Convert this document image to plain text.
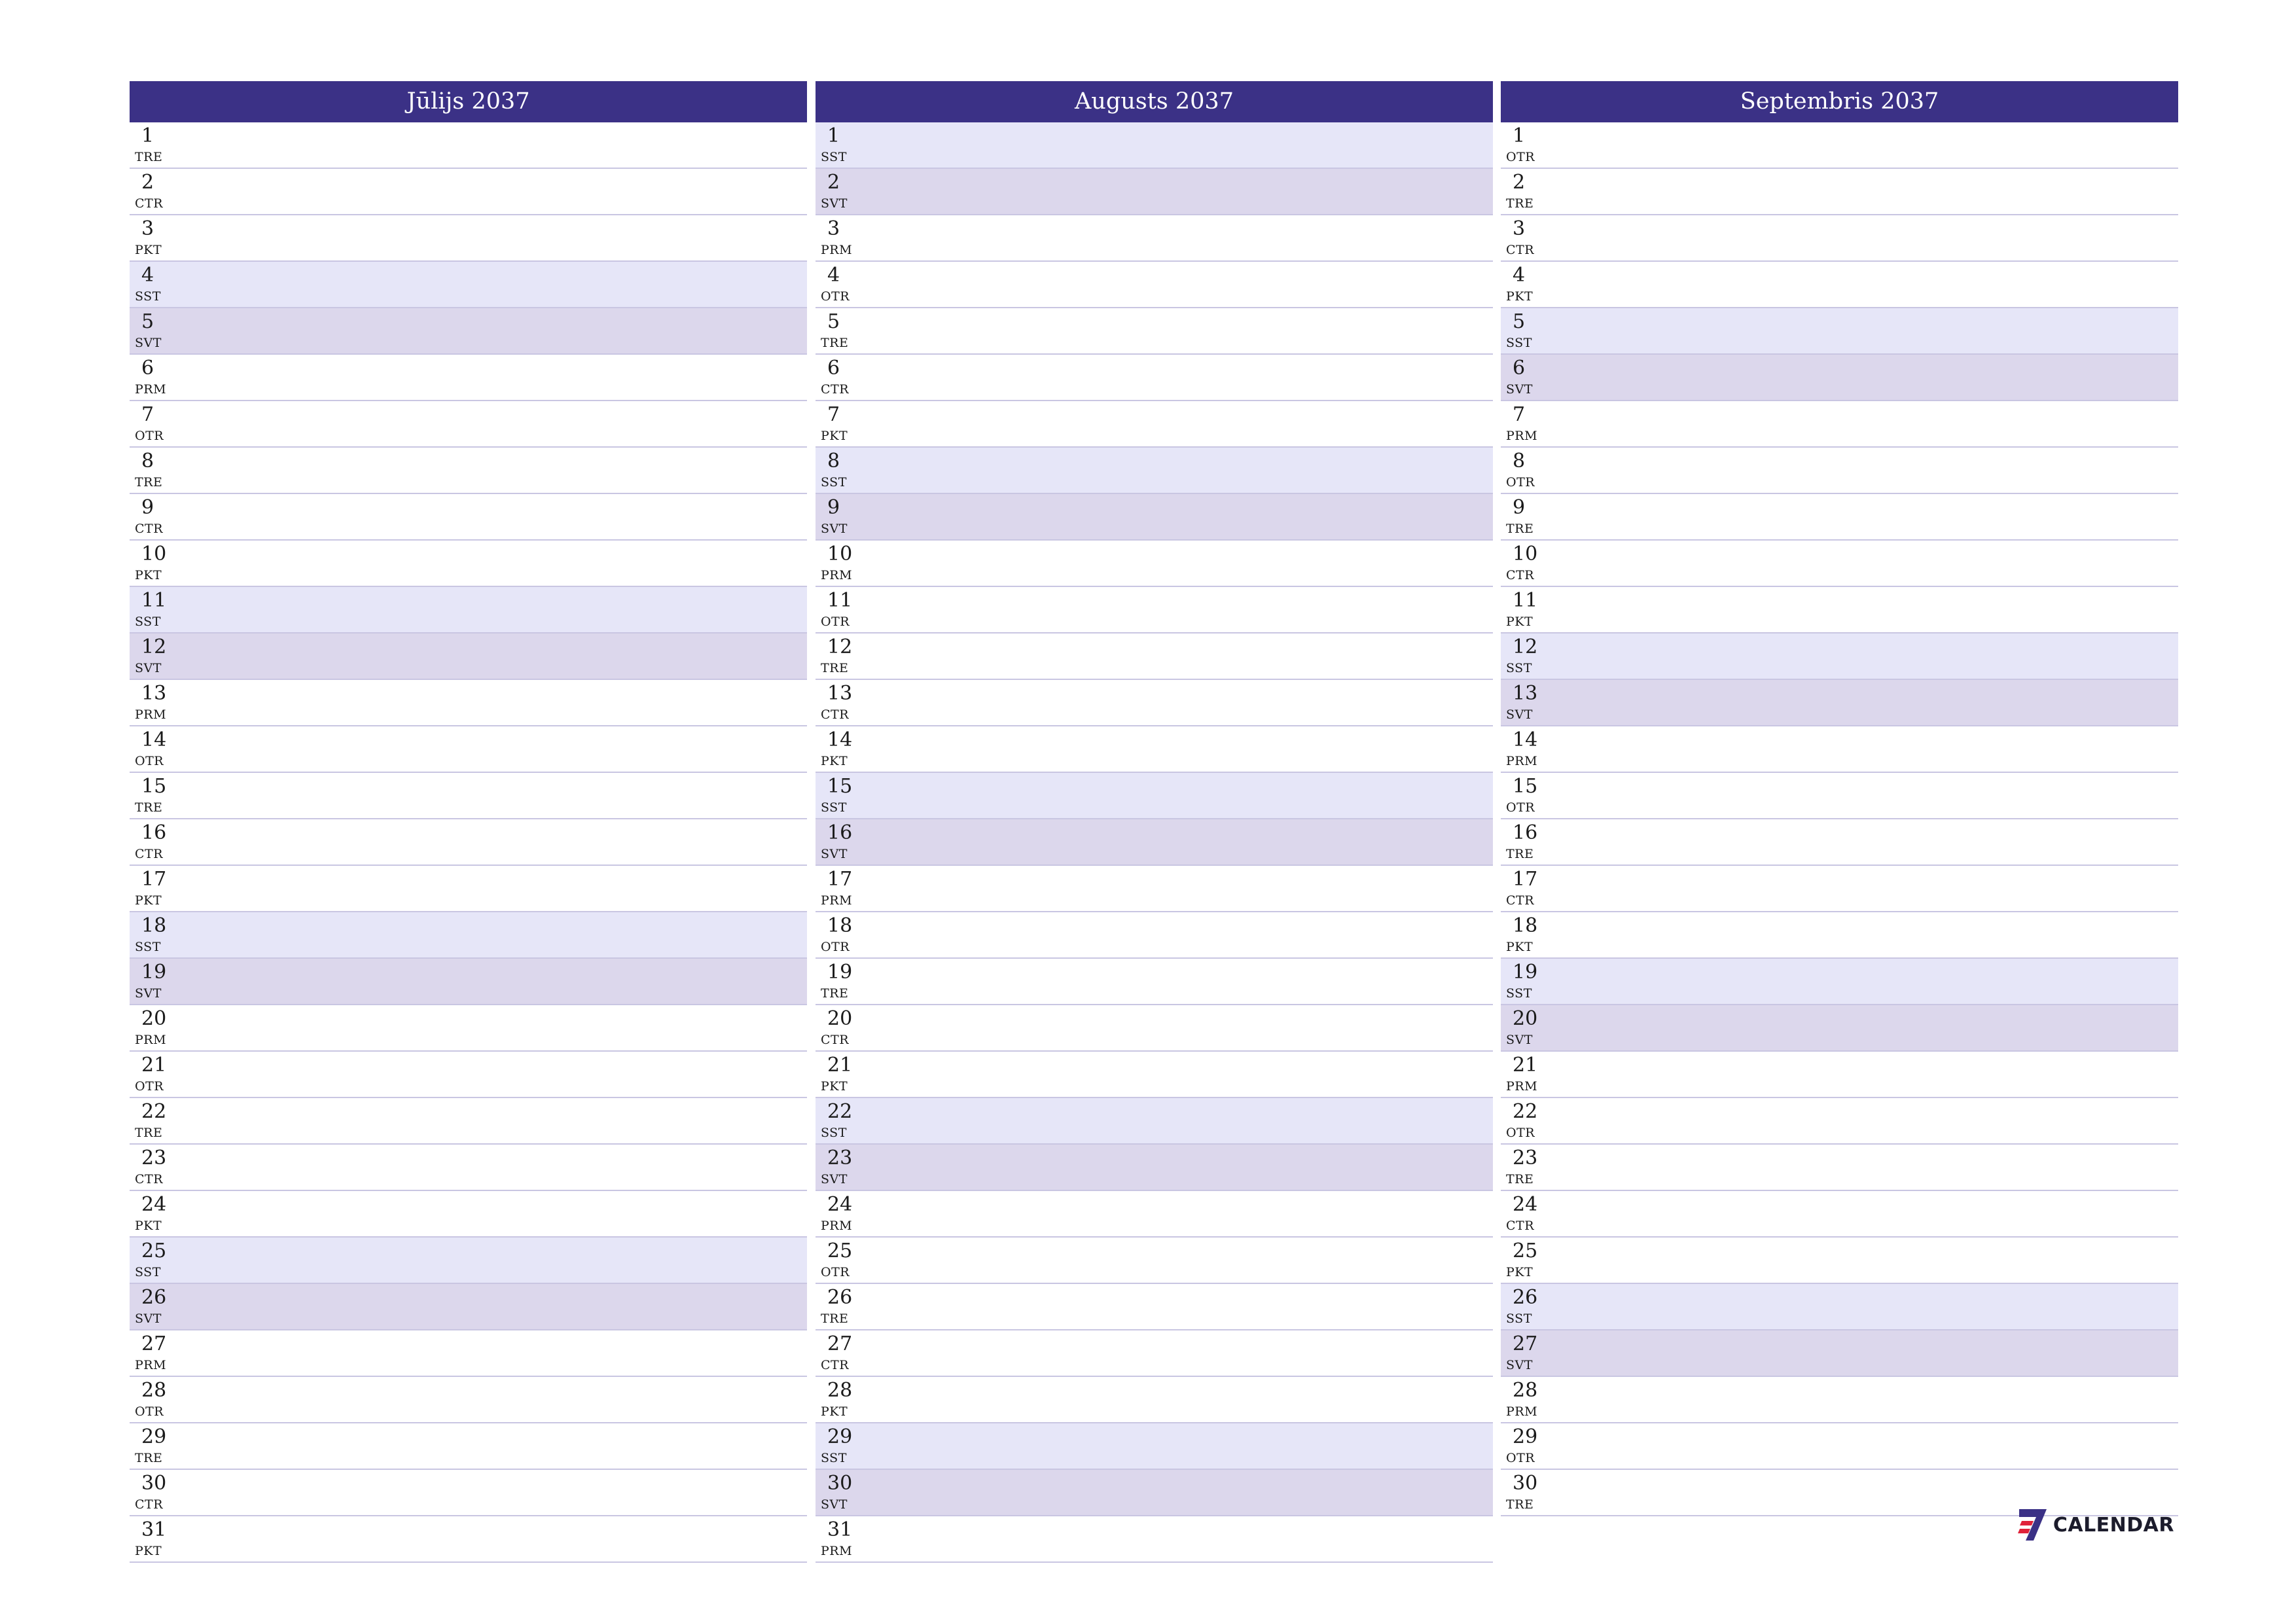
Jūlijs 2037
1
TRE
2
CTR
3
PKT
4
SST
5
SVT
6
PRM
7
OTR
8
TRE
9
CTR
10
PKT
11
SST
12
SVT
13
PRM
14
OTR
15
TRE
16
CTR
17
PKT
18
SST
19
SVT
20
PRM
21
OTR
22
TRE
23
CTR
24
PKT
25
SST
26
SVT
27
PRM
28
OTR
29
TRE
30
CTR
31
PKT
Augusts 2037
1
SST
2
SVT
3
PRM
4
OTR
5
TRE
6
CTR
7
PKT
8
SST
9
SVT
10
PRM
11
OTR
12
TRE
13
CTR
14
PKT
15
SST
16
SVT
17
PRM
18
OTR
19
TRE
20
CTR
21
PKT
22
SST
23
SVT
24
PRM
25
OTR
26
TRE
27
CTR
28
PKT
29
SST
30
SVT
31
PRM
Septembris 2037
1
OTR
2
TRE
3
CTR
4
PKT
5
SST
6
SVT
7
PRM
8
OTR
9
TRE
10
CTR
11
PKT
12
SST
13
SVT
14
PRM
15
OTR
16
TRE
17
CTR
18
PKT
19
SST
20
SVT
21
PRM
22
OTR
23
TRE
24
CTR
25
PKT
26
SST
27
SVT
28
PRM
29
OTR
30
TRE
CALENDAR
